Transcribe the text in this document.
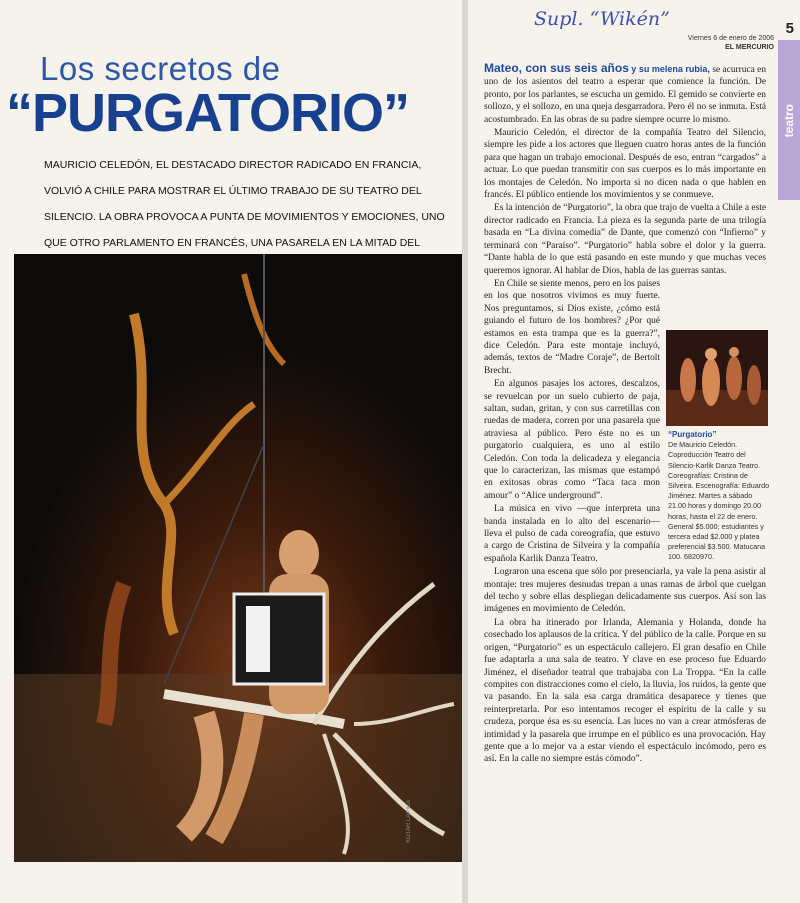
Los secretos de
“PURGATORIO”
MAURICIO CELEDÓN, EL DESTACADO DIRECTOR RADICADO EN FRANCIA, VOLVIÓ A CHILE PARA MOSTRAR EL ÚLTIMO TRABAJO DE SU TEATRO DEL SILENCIO. LA OBRA PROVOCA A PUNTA DE MOVIMIENTOS Y EMOCIONES, UNO QUE OTRO PARLAMENTO EN FRANCÉS, UNA PASARELA EN LA MITAD DEL
KOTAR LAPIEA
Supl. “Wikén”
Viernes 6 de enero de 2006
EL MERCURIO
5
teatro

Mateo, con sus seis años y su melena rubia, se acurruca en uno de los asientos del teatro a esperar que comience la función. De pronto, por los parlantes, se escucha un gemido. El gemido se convierte en sollozo, y el sollozo, en una queja desgarradora. Pero él no se inmuta. Está acostumbrado. En las obras de su padre siempre ocurre lo mismo.

Mauricio Celedón, el director de la compañía Teatro del Silencio, siempre les pide a los actores que lleguen cuatro horas antes de la función para que hagan un trabajo emocional. Después de eso, entran “cargados” a actuar. Lo que puedan transmitir con sus cuerpos es lo más importante en los montajes de Celedón. No importa si no dicen nada o que hablen en francés. El público entiende los movimientos y se conmueve.

Es la intención de “Purgatorio”, la obra que trajo de vuelta a Chile a este director radicado en Francia. La pieza es la segunda parte de una trilogía basada en “La divina comedia” de Dante, que comenzó con “Infierno” y terminará con “Paraíso”. “Purgatorio” habla sobre el dolor y la guerra. “Dante habla de lo que está pasando en este mundo y que muchas veces queremos ignorar. Al hablar de Dios, habla de las guerras santas.

En Chile se siente menos, pero en los países en los que nosotros vivimos es muy fuerte. Nos preguntamos, si Dios existe, ¿cómo está guiando el futuro de los hombres? ¿Por qué estamos en esta trampa que es la guerra?”, dice Celedón. Para este montaje incluyó, además, textos de “Madre Coraje”, de Bertolt Brecht.

En algunos pasajes los actores, descalzos, se revuelcan por un suelo cubierto de paja, saltan, sudan, gritan, y con sus carretillas con ruedas de madera, corren por una pasarela que atraviesa al público. Pero éste no es un purgatorio cualquiera, es uno al estilo Celedón. Con toda la delicadeza y elegancia que lo caracterizan, las mismas que estampó en exitosas obras como “Taca taca mon amour” o “Alice underground”.

La música en vivo —que interpreta una banda instalada en lo alto del escenario— lleva el pulso de cada coreografía, que estuvo a cargo de Cristina de Silveira y la compañía española Karlik Danza Teatro.

Lograron una escena que sólo por presenciarla, ya vale la pena asistir al montaje: tres mujeres desnudas trepan a unas ramas de árbol que cuelgan del techo y sobre ellas despliegan delicadamente sus cuerpos. Así son las imágenes en movimiento de Celedón.

La obra ha itinerado por Irlanda, Alemania y Holanda, donde ha cosechado los aplausos de la crítica. Y del público de la calle. Porque en su origen, “Purgatorio” es un espectáculo callejero. El gran desafío en Chile fue adaptarla a una sala de teatro. Y clave en ese proceso fue Eduardo Jiménez, el diseñador teatral que trabajaba con La Troppa. “En la calle compites con distracciones como el cielo, la lluvia, los ruidos, la gente que va pasando. En la sala esa carga dramática desaparece y tienes que reinterpretarla. Por eso intentamos recoger el espíritu de la calle y su crudeza, porque ésa es su esencia. Las luces no van a crear atmósferas de intimidad y la pasarela que irrumpe en el público es una provocación. Hay gente que a lo mejor va a estar viendo el espectáculo incómodo, pero es así. En la calle no siempre estás cómodo”.

“Purgatorio”
De Mauricio Celedón. Coproducción Teatro del Silencio-Karlik Danza Teatro. Coreografías: Cristina de Silveira. Escenografía: Eduardo Jiménez. Martes a sábado 21.00 horas y domingo 20.00 horas, hasta el 22 de enero. General $5.000; estudiantes y tercera edad $2.000 y platea preferencial $3.500. Matucana 100. 6820970.
